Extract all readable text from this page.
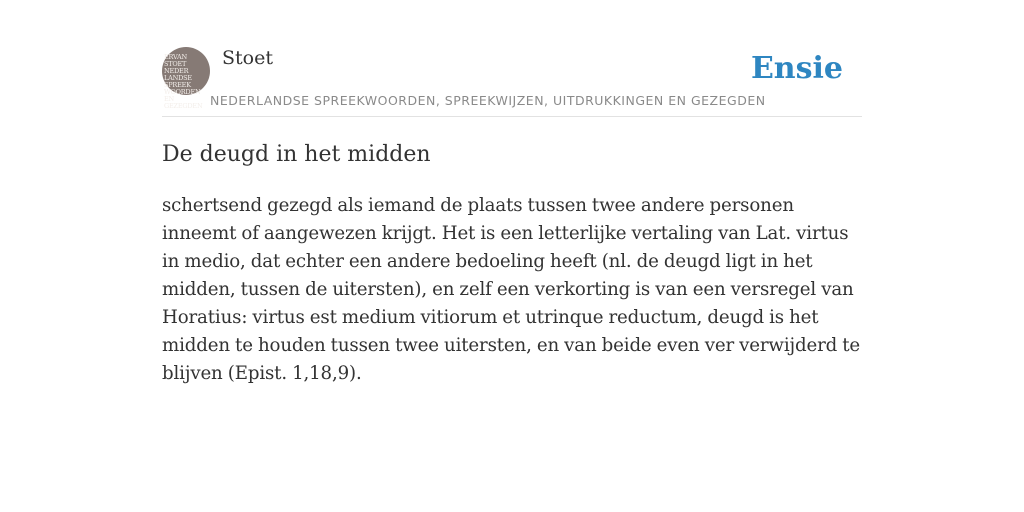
ERVAN STOET
NEDER
LANDSE
SPREEK
WOORDEN EN
GEZEGDEN
Stoet
NEDERLANDSE SPREEKWOORDEN, SPREEKWIJZEN, UITDRUKKINGEN EN GEZEGDEN
Ensie
De deugd in het midden

schertsend gezegd als iemand de plaats tussen twee andere personen inneemt of aangewezen krijgt. Het is een letterlijke vertaling van Lat. virtus in medio, dat echter een andere bedoeling heeft (nl. de deugd ligt in het midden, tussen de uitersten), en zelf een verkorting is van een versregel van Horatius: virtus est medium vitiorum et utrinque reductum, deugd is het midden te houden tussen twee uitersten, en van beide even ver verwijderd te blijven (Epist. 1,18,9).
